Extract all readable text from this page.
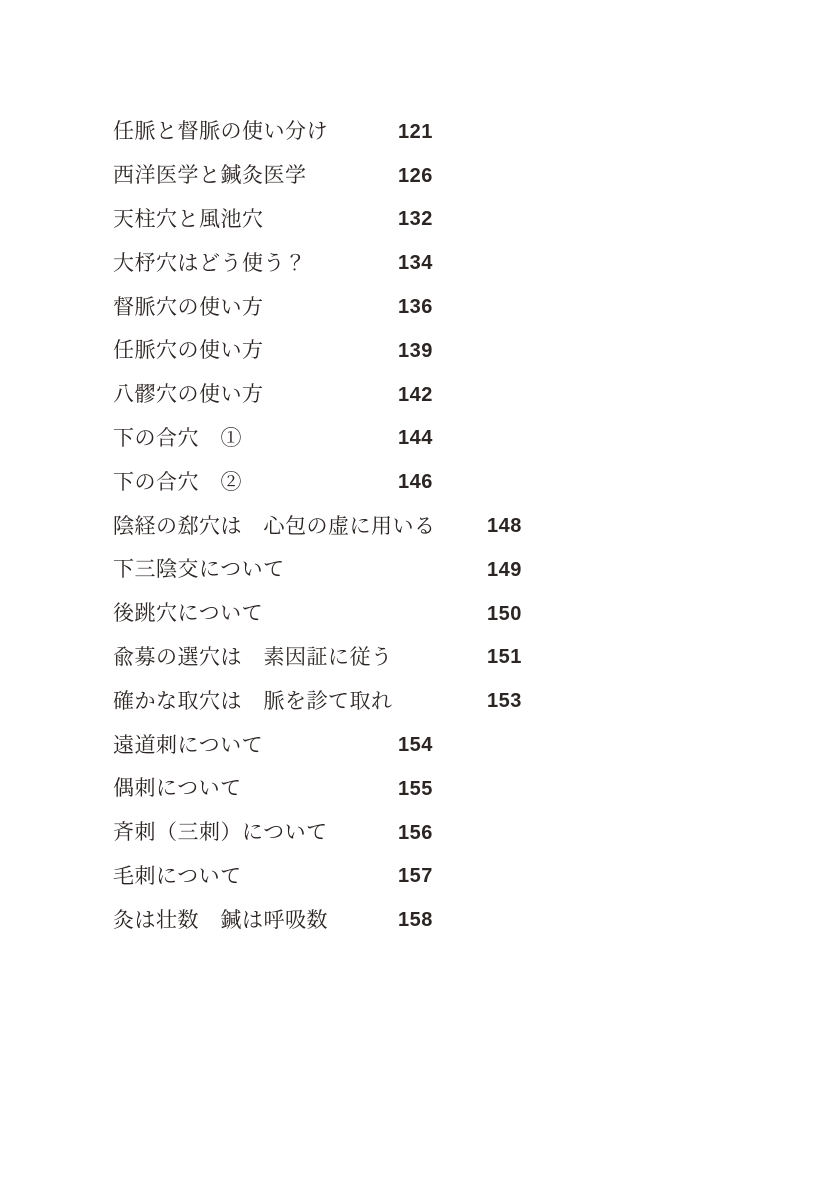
任脈と督脈の使い分け	121
西洋医学と鍼灸医学	126
天柱穴と風池穴	132
大杼穴はどう使う？	134
督脈穴の使い方	136
任脈穴の使い方	139
八髎穴の使い方	142
下の合穴　①	144
下の合穴　②	146
陰経の郄穴は　心包の虚に用いる	148
下三陰交について	149
後跳穴について	150
兪募の選穴は　素因証に従う	151
確かな取穴は　脈を診て取れ	153
遠道刺について	154
偶刺について	155
斉刺（三刺）について	156
毛刺について	157
灸は壮数　鍼は呼吸数	158
